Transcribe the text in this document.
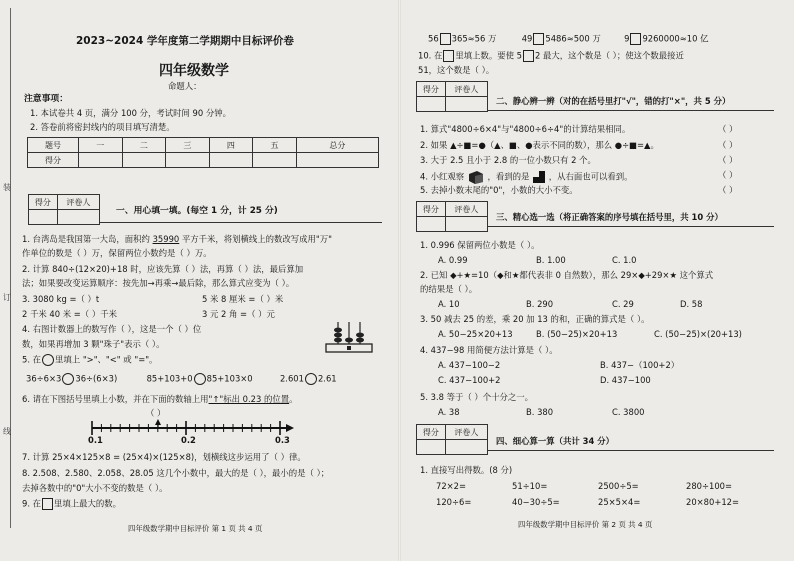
装
订
线
2023~2024 学年度第二学期期中目标评价卷
四年级数学
命题人：
注意事项：
1. 本试卷共 4 页，满分 100 分，考试时间 90 分钟。
2. 答卷前将密封线内的项目填写清楚。
题号	一	二	三	四	五	总分
得分						
得分	评卷人

一、用心填一填。(每空 1 分，计 25 分)
1. 台湾岛是我国第一大岛，面积约 35990 平方千米，将划横线上的数改写成用"万"
作单位的数是（ ）万，保留两位小数约是（ ）万。
2. 计算 840÷(12×20)+18 时，应该先算（ ）法，再算（ ）法，最后算加
法；如果要改变运算顺序：按先加→再乘→最后除，那么算式应变为（ ）。
3. 3080 kg =（ ）t	5 米 8 厘米 =（ ）米
2 千米 40 米 =（ ）千米	3 元 2 角 =（ ）元
4. 右图计数器上的数写作（ ），这是一个（ ）位
数，如果再增加 3 颗"珠子"表示（ ）。
5. 在 里填上 ">"、"<" 或 "="。
36÷6×3 36÷(6×3)	85+103+0 85+103×0	2.601 2.61
6. 请在下图括号里填上小数，并在下面的数轴上用"↑"标出 0.23 的位置。
（ ）
0.1	0.2	0.3
7. 计算 25×4×125×8 = (25×4)×(125×8)，划横线这步运用了（ ）律。
8. 2.508、2.580、2.058、28.05 这几个小数中，最大的是（ ），最小的是（ ）；
去掉各数中的"0"大小不变的数是（ ）。
9. 在 里填上最大的数。
四年级数学期中目标评价 第 1 页 共 4 页
56 365≈56 万	49 5486≈500 万	9 9260000≈10 亿
10. 在 里填上数。要使 5 2 最大，这个数是（ ）；使这个数最接近
51，这个数是（ ）。
得分	评卷人

二、静心辨一辨（对的在括号里打"√"，错的打"×"，共 5 分）
1. 算式"4800÷6×4"与"4800÷6÷4"的计算结果相同。	（ ）
2. 如果 ▲÷■=●（▲、■、●表示不同的数），那么 ●÷■=▲。	（ ）
3. 大于 2.5 且小于 2.8 的一位小数只有 2 个。	（ ）
4. 小红观察	，看到的是 ，从右面也可以看到。	（ ）
5. 去掉小数末尾的"0"，小数的大小不变。	（ ）
得分	评卷人

三、精心选一选（将正确答案的序号填在括号里，共 10 分）
1. 0.996 保留两位小数是（ ）。
A. 0.99	B. 1.00	C. 1.0
2. 已知 ◆+★=10（◆和★都代表非 0 自然数），那么 29×◆+29×★ 这个算式
的结果是（ ）。
A. 10	B. 290	C. 29	D. 58
3. 50 减去 25 的差，乘 20 加 13 的和，正确的算式是（ ）。
A. 50−25×20+13	B. (50−25)×20+13	C. (50−25)×(20+13)
4. 437−98 用简便方法计算是（ ）。
A. 437−100−2	B. 437−（100+2）
C. 437−100+2	D. 437−100
5. 3.8 等于（ ）个十分之一。
A. 38	B. 380	C. 3800
得分	评卷人

四、细心算一算（共计 34 分）
1. 直接写出得数。(8 分)
72×2=	51÷10=	2500÷5=	280÷100=
120÷6=	40−30÷5=	25×5×4=	20×80+12=
四年级数学期中目标评价 第 2 页 共 4 页
